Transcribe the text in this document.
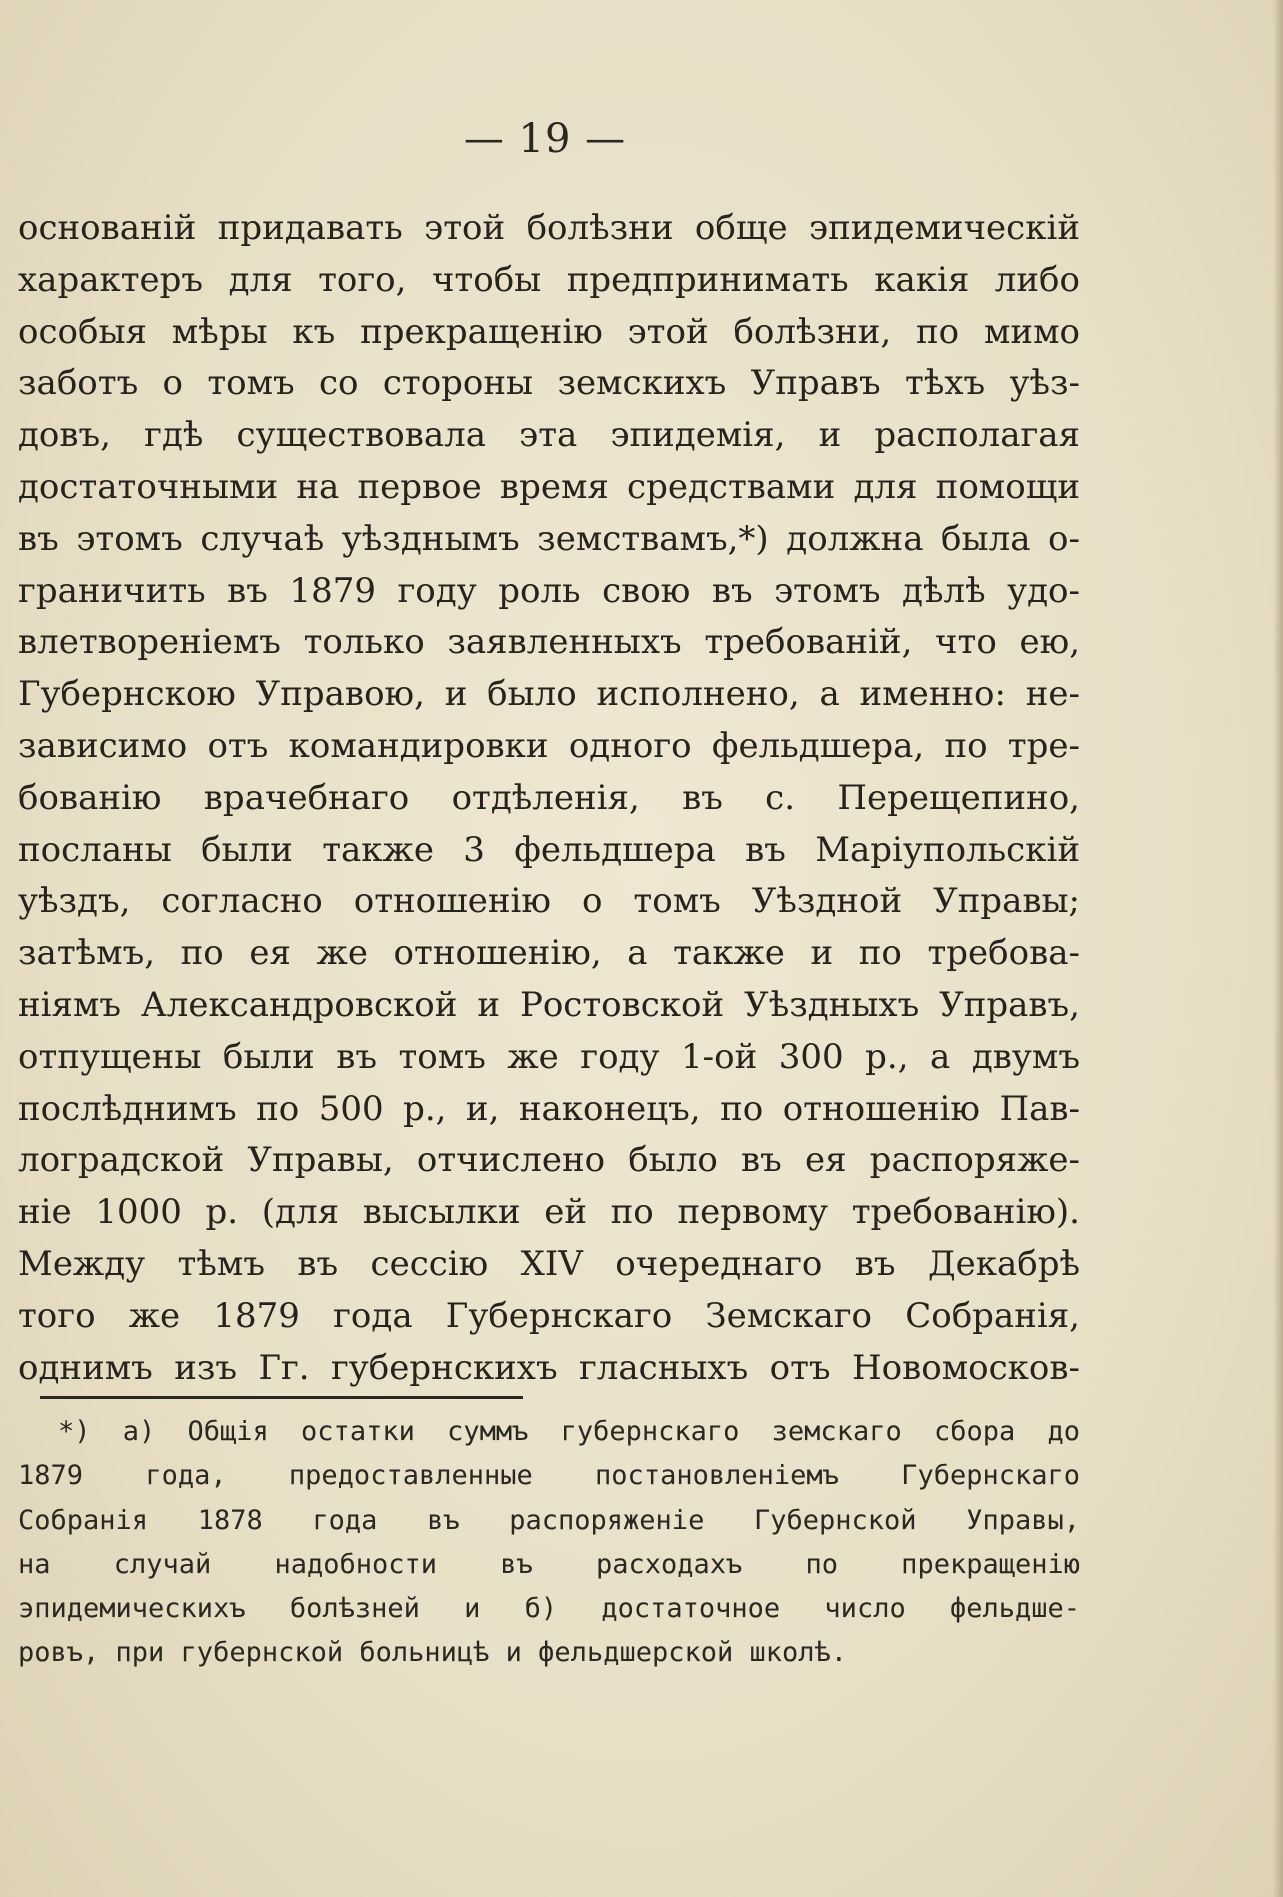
— 19 —
основаній придавать этой болѣзни обще эпидемическій
характеръ для того, чтобы предпринимать какія либо
особыя мѣры къ прекращенію этой болѣзни, по мимо
заботъ о томъ со стороны земскихъ Управъ тѣхъ уѣз-
довъ, гдѣ существовала эта эпидемія, и располагая
достаточными на первое время средствами для помощи
въ этомъ случаѣ уѣзднымъ земствамъ,*) должна была о-
граничить въ 1879 году роль свою въ этомъ дѣлѣ удо-
влетвореніемъ только заявленныхъ требованій, что ею,
Губернскою Управою, и было исполнено, а именно: не-
зависимо отъ командировки одного фельдшера, по тре-
бованію врачебнаго отдѣленія, въ с. Перещепино,
посланы были также 3 фельдшера въ Маріупольскій
уѣздъ, согласно отношенію о томъ Уѣздной Управы;
затѣмъ, по ея же отношенію, а также и по требова-
ніямъ Александровской и Ростовской Уѣздныхъ Управъ,
отпущены были въ томъ же году 1-ой 300 р., а двумъ
послѣднимъ по 500 р., и, наконецъ, по отношенію Пав-
лоградской Управы, отчислено было въ ея распоряже-
ніе 1000 р. (для высылки ей по первому требованію).
Между тѣмъ въ сессію XIV очереднаго въ Декабрѣ
того же 1879 года Губернскаго Земскаго Собранія,
однимъ изъ Гг. губернскихъ гласныхъ отъ Новомосков-
*) а) Общія остатки суммъ губернскаго земскаго сбора до
1879 года, предоставленные постановленіемъ Губернскаго
Собранія 1878 года въ распоряженіе Губернской Управы,
на случай надобности въ расходахъ по прекращенію
эпидемическихъ болѣзней и б) достаточное число фельдше-
ровъ, при губернской больницѣ и фельдшерской школѣ.
